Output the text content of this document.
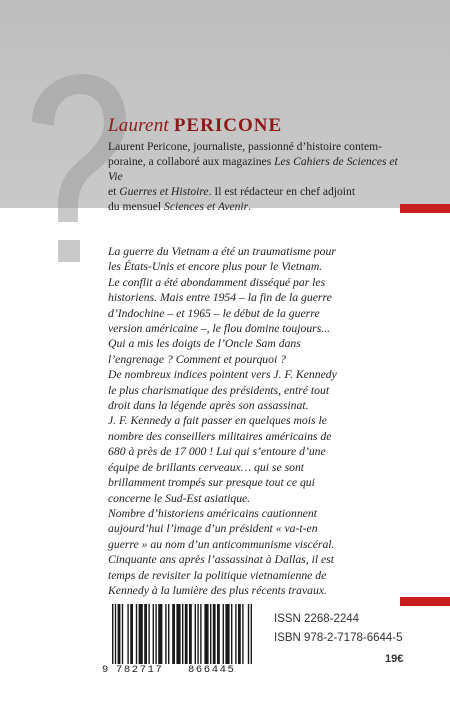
Laurent PERICONE
Laurent Pericone, journaliste, passionné d’histoire contem-
poraine, a collaboré aux magazines Les Cahiers de Sciences et Vie
et Guerres et Histoire. Il est rédacteur en chef adjoint
du mensuel Sciences et Avenir.

La guerre du Vietnam a été un traumatisme pour

les États-Unis et encore plus pour le Vietnam.

Le conflit a été abondamment disséqué par les

historiens. Mais entre 1954 – la fin de la guerre

d’Indochine – et 1965 – le début de la guerre

version américaine –, le flou domine toujours...

Qui a mis les doigts de l’Oncle Sam dans

l’engrenage ? Comment et pourquoi ?

De nombreux indices pointent vers J. F. Kennedy

le plus charismatique des présidents, entré tout

droit dans la légende après son assassinat.

J. F. Kennedy a fait passer en quelques mois le

nombre des conseillers militaires américains de

680 à près de 17 000 ! Lui qui s’entoure d’une

équipe de brillants cerveaux… qui se sont

brillamment trompés sur presque tout ce qui

concerne le Sud-Est asiatique.

Nombre d’historiens américains cautionnent

aujourd’hui l’image d’un président « va-t-en

guerre » au nom d’un anticommunisme viscéral.

Cinquante ans après l’assassinat à Dallas, il est

temps de revisiter la politique vietnamienne de

Kennedy à la lumière des plus récents travaux.

9 782717 866445
ISSN 2268-2244
ISBN 978-2-7178-6644-5
19€
